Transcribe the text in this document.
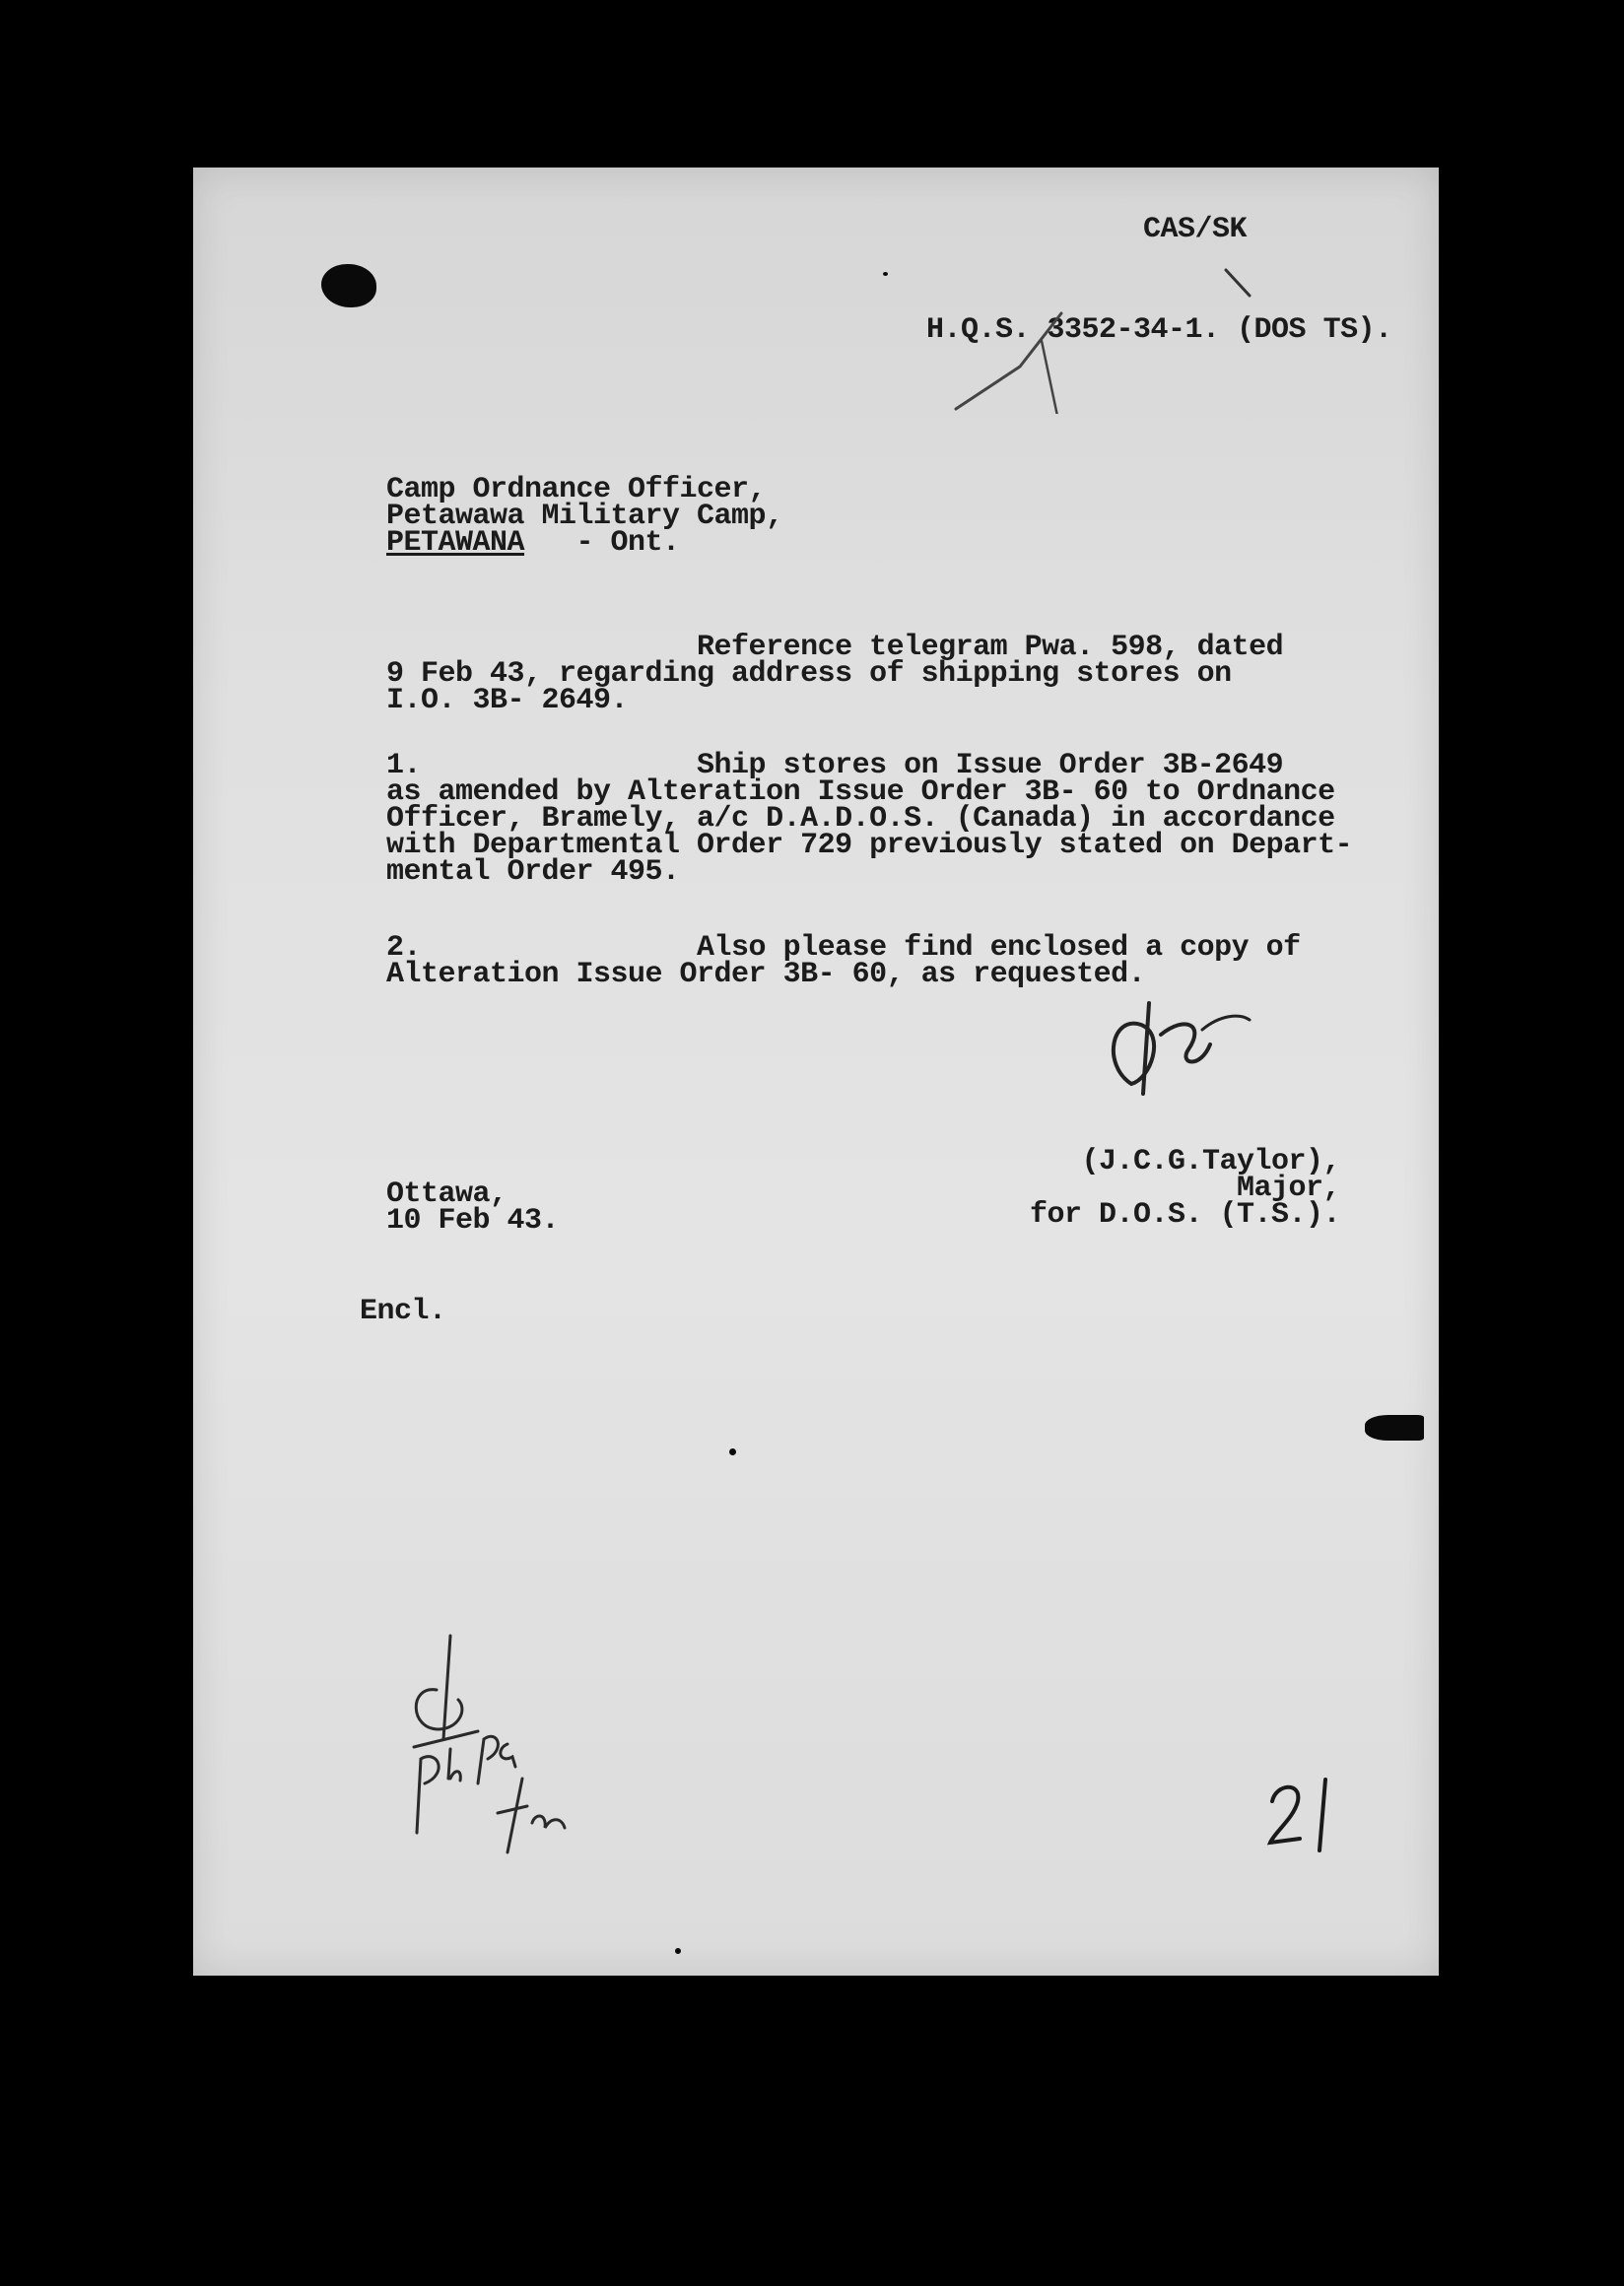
CAS/SK
H.Q.S. 3352-34-1. (DOS TS).

Camp Ordnance Officer,
Petawawa Military Camp,
PETAWANA   - Ont.

Reference telegram Pwa. 598, dated
9 Feb 43, regarding address of shipping stores on
I.O. 3B- 2649.

1.                Ship stores on Issue Order 3B-2649
as amended by Alteration Issue Order 3B- 60 to Ordnance
Officer, Bramely, a/c D.A.D.O.S. (Canada) in accordance
with Departmental Order 729 previously stated on Depart-
mental Order 495.

2.                Also please find enclosed a copy of
Alteration Issue Order 3B- 60, as requested.

Ottawa,
10 Feb 43.

(J.C.G.Taylor),
Major,
for D.O.S. (T.S.).

Encl.
